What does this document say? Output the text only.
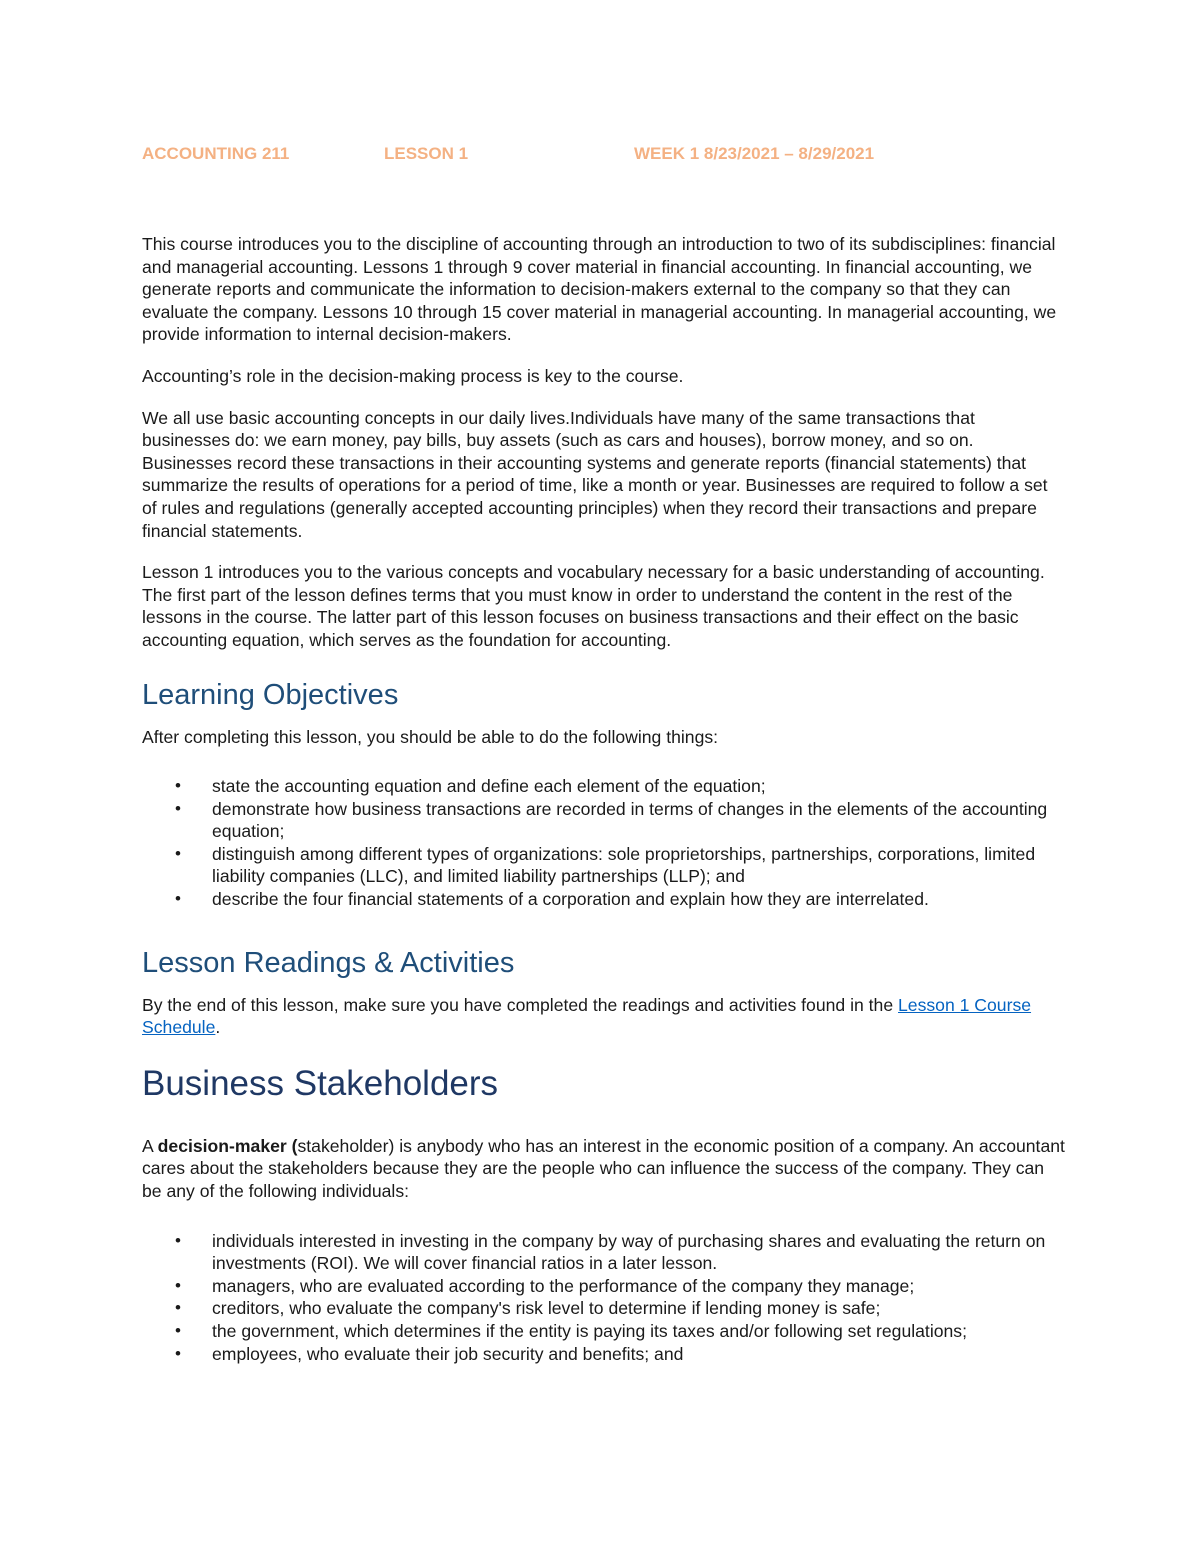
ACCOUNTING 211	LESSON 1	WEEK 1 8/23/2021 – 8/29/2021

This course introduces you to the discipline of accounting through an introduction to two of its subdisciplines: financial and managerial accounting. Lessons 1 through 9 cover material in financial accounting. In financial accounting, we generate reports and communicate the information to decision-makers external to the company so that they can evaluate the company. Lessons 10 through 15 cover material in managerial accounting. In managerial accounting, we provide information to internal decision-makers.

Accounting’s role in the decision-making process is key to the course.

We all use basic accounting concepts in our daily lives.Individuals have many of the same transactions that businesses do: we earn money, pay bills, buy assets (such as cars and houses), borrow money, and so on. Businesses record these transactions in their accounting systems and generate reports (financial statements) that summarize the results of operations for a period of time, like a month or year. Businesses are required to follow a set of rules and regulations (generally accepted accounting principles) when they record their transactions and prepare financial statements.

Lesson 1 introduces you to the various concepts and vocabulary necessary for a basic understanding of accounting. The first part of the lesson defines terms that you must know in order to understand the content in the rest of the lessons in the course. The latter part of this lesson focuses on business transactions and their effect on the basic accounting equation, which serves as the foundation for accounting.

Learning Objectives

After completing this lesson, you should be able to do the following things:

• state the accounting equation and define each element of the equation;
• demonstrate how business transactions are recorded in terms of changes in the elements of the accounting equation;
• distinguish among different types of organizations: sole proprietorships, partnerships, corporations, limited liability companies (LLC), and limited liability partnerships (LLP); and
• describe the four financial statements of a corporation and explain how they are interrelated.
Lesson Readings & Activities

By the end of this lesson, make sure you have completed the readings and activities found in the Lesson 1 Course Schedule.

Business Stakeholders

A decision-maker (stakeholder) is anybody who has an interest in the economic position of a company. An accountant cares about the stakeholders because they are the people who can influence the success of the company. They can be any of the following individuals:

• individuals interested in investing in the company by way of purchasing shares and evaluating the return on investments (ROI). We will cover financial ratios in a later lesson.
• managers, who are evaluated according to the performance of the company they manage;
• creditors, who evaluate the company's risk level to determine if lending money is safe;
• the government, which determines if the entity is paying its taxes and/or following set regulations;
• employees, who evaluate their job security and benefits; and
